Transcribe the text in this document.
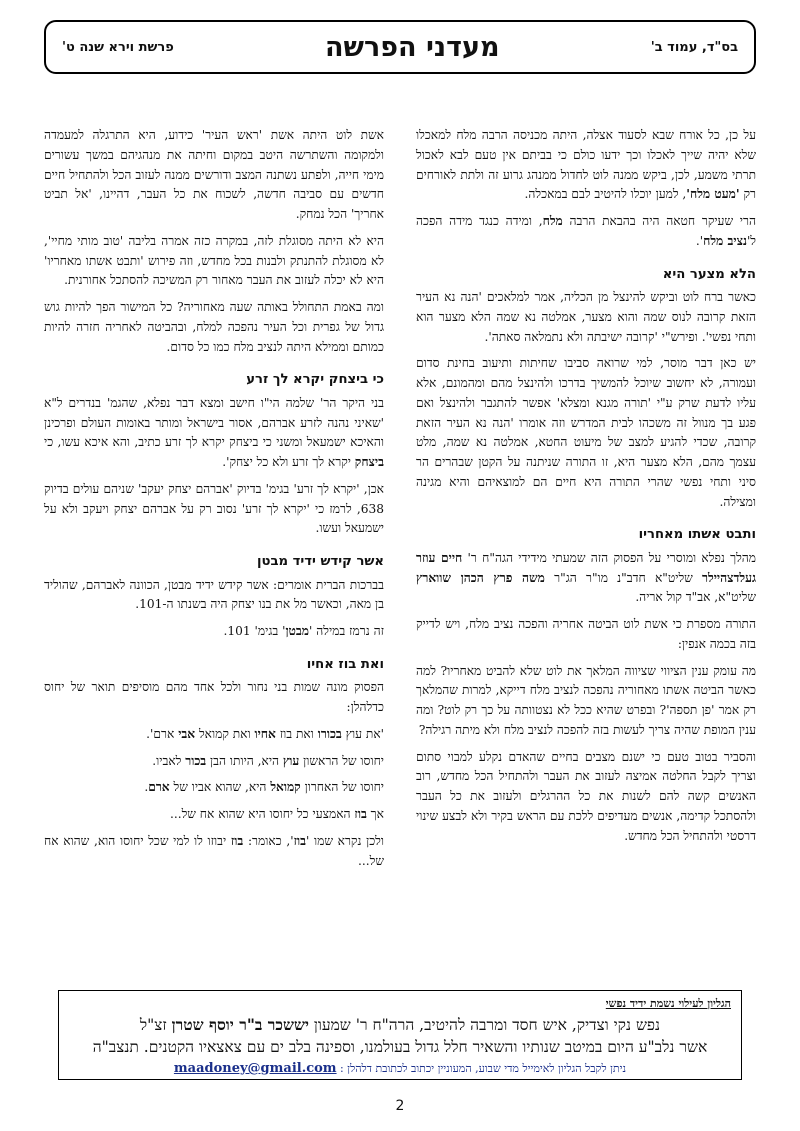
בס"ד, עמוד ב'
מעדני הפרשה
פרשת וירא שנה ט'

על כן, כל אורח שבא לסעוד אצלה, היתה מכניסה הרבה מלח למאכלו שלא יהיה שייך לאכלו וכך ידעו כולם כי בביתם אין טעם לבא לאכול תרתי משמע, לכן, ביקש ממנה לוט לחדול ממנהג גרוע זה ולתת לאורחים רק 'מעט מלח', למען יוכלו להיטיב לבם במאכלה.

הרי שעיקר חטאה היה בהבאת הרבה מלח, ומידה כנגד מידה הפכה ל'נציב מלח'.

הלא מצער היא

כאשר ברח לוט וביקש להינצל מן הכליה, אמר למלאכים 'הנה נא העיר הזאת קרובה לנוס שמה והוא מצער, אמלטה נא שמה הלא מצער הוא ותחי נפשי'. ופירש"י 'קרובה ישיבתה ולא נתמלאה סאתה'.

יש כאן דבר מוסר, למי שרואה סביבו שחיתות ותיעוב בחינת סדום ועמורה, לא יחשוב שיוכל להמשיך בדרכו ולהינצל מהם ומהמונם, אלא עליו לדעת שרק ע"י 'תורה מגנא ומצלא' אפשר להתגבר ולהינצל ואם פגע בך מנוול זה משכהו לבית המדרש וזה אומרו 'הנה נא העיר הזאת קרובה, שכדי להגיע למצב של מיעוט החטא, אמלטה נא שמה, מלט עצמך מהם, הלא מצער היא, זו התורה שניתנה על הקטן שבהרים הר סיני ותחי נפשי שהרי התורה היא חיים הם למוצאיהם והיא מגינה ומצילה.

ותבט אשתו מאחריו

מהלך נפלא ומוסרי על הפסוק הזה שמעתי מידידי הגה"ח ר' חיים עוזר געלדצהיילר שליט"א חדב"נ מו"ר הג"ר משה פרץ הכהן שווארץ שליט"א, אב"ד קול אריה.

התורה מספרת כי אשת לוט הביטה אחריה והפכה נציב מלח, ויש לדייק בזה בכמה אנפין:

מה עומק ענין הציווי שציווה המלאך את לוט שלא להביט מאחריו? למה כאשר הביטה אשתו מאחוריה נהפכה לנציב מלח דייקא, למרות שהמלאך רק אמר 'פן תספה'? ובפרט שהיא ככל לא נצטוותה על כך רק לוט? ומה ענין המופת שהיה צריך לעשות בזה להפכה לנציב מלח ולא מיתה רגילה?

והסביר בטוב טעם כי ישנם מצבים בחיים שהאדם נקלע למבוי סתום וצריך לקבל החלטה אמיצה לעזוב את העבר ולהתחיל הכל מחדש, רוב האנשים קשה להם לשנות את כל ההרגלים ולעזוב את כל העבר ולהסתכל קדימה, אנשים מעדיפים ללכת עם הראש בקיר ולא לבצע שינוי דרסטי ולהתחיל הכל מחדש.

אשת לוט היתה אשת 'ראש העיר' כידוע, היא התרגלה למעמדה ולמקומה והשתרשה היטב במקום וחיתה את מנהגיהם במשך עשורים מימי חייה, ולפתע נשתנה המצב ודורשים ממנה לעזוב הכל ולהתחיל חיים חדשים עם סביבה חדשה, לשכוח את כל העבר, דהיינו, 'אל תביט אחריך' הכל נמחק.

היא לא היתה מסוגלת לזה, במקרה כזה אמרה בליבה 'טוב מותי מחיי', לא מסוגלת להתנתק ולבנות בכל מחדש, וזה פירוש 'ותבט אשתו מאחריו' היא לא יכלה לעזוב את העבר מאחור רק המשיכה להסתכל אחורנית.

ומה באמת התחולל באותה שעה מאחוריה? כל המישור הפך להיות גוש גדול של גפרית וכל העיר נהפכה למלח, ובהביטה לאחריה חזרה להיות כמותם וממילא היתה לנציב מלח כמו כל סדום.

כי ביצחק יקרא לך זרע

בני היקר הר' שלמה הי"ו חישב ומצא דבר נפלא, שהגמ' בנדרים ל"א 'שאיני נהנה לזרע אברהם, אסור בישראל ומותר באומות העולם ופרכינן והאיכא ישמעאל ומשני כי ביצחק יקרא לך זרע כתיב, והא איכא עשו, כי ביצחק יקרא לך זרע ולא כל יצחק'.

אכן, 'יקרא לך זרע' בגימ' בדיוק 'אברהם יצחק יעקב' שניהם עולים בדיוק 638, לרמז כי 'יקרא לך זרע' נסוב רק על אברהם יצחק ויעקב ולא על ישמעאל ועשו.

אשר קידש ידיד מבטן

בברכות הברית אומרים: אשר קידש ידיד מבטן, הכוונה לאברהם, שהוליד בן מאה, וכאשר מל את בנו יצחק היה בשנתו ה-101.

זה נרמז במילה 'מבטן' בגימ' 101.

ואת בוז אחיו

הפסוק מונה שמות בני נחור ולכל אחד מהם מוסיפים תואר של יחוס כדלהלן:

'את עוץ בכורו ואת בוז אחיו ואת קמואל אבי ארם'.

יחוסו של הראשון עוץ היא, היותו הבן בכור לאביו.

יחוסו של האחרון קמואל היא, שהוא אביו של ארם.

אך בוז האמצעי כל יחוסו היא שהוא אח של...

ולכן נקרא שמו 'בוז', כאומר: בוז יבוזו לו למי שכל יחוסו הוא, שהוא אח של...

הגליון לעילוי נשמת ידיד נפשי
נפש נקי וצדיק, איש חסד ומרבה להיטיב, הרה"ח ר' שמעון יששכר ב"ר יוסף שטרן זצ"ל
אשר נלב"ע היום במיטב שנותיו והשאיר חלל גדול בעולמנו, וספינה בלב ים עם צאצאיו הקטנים. תנצב"ה
ניתן לקבל הגליון לאימייל מדי שבוע, המעוניין יכתוב לכתובת דלהלן : maadoney@gmail.com
2
